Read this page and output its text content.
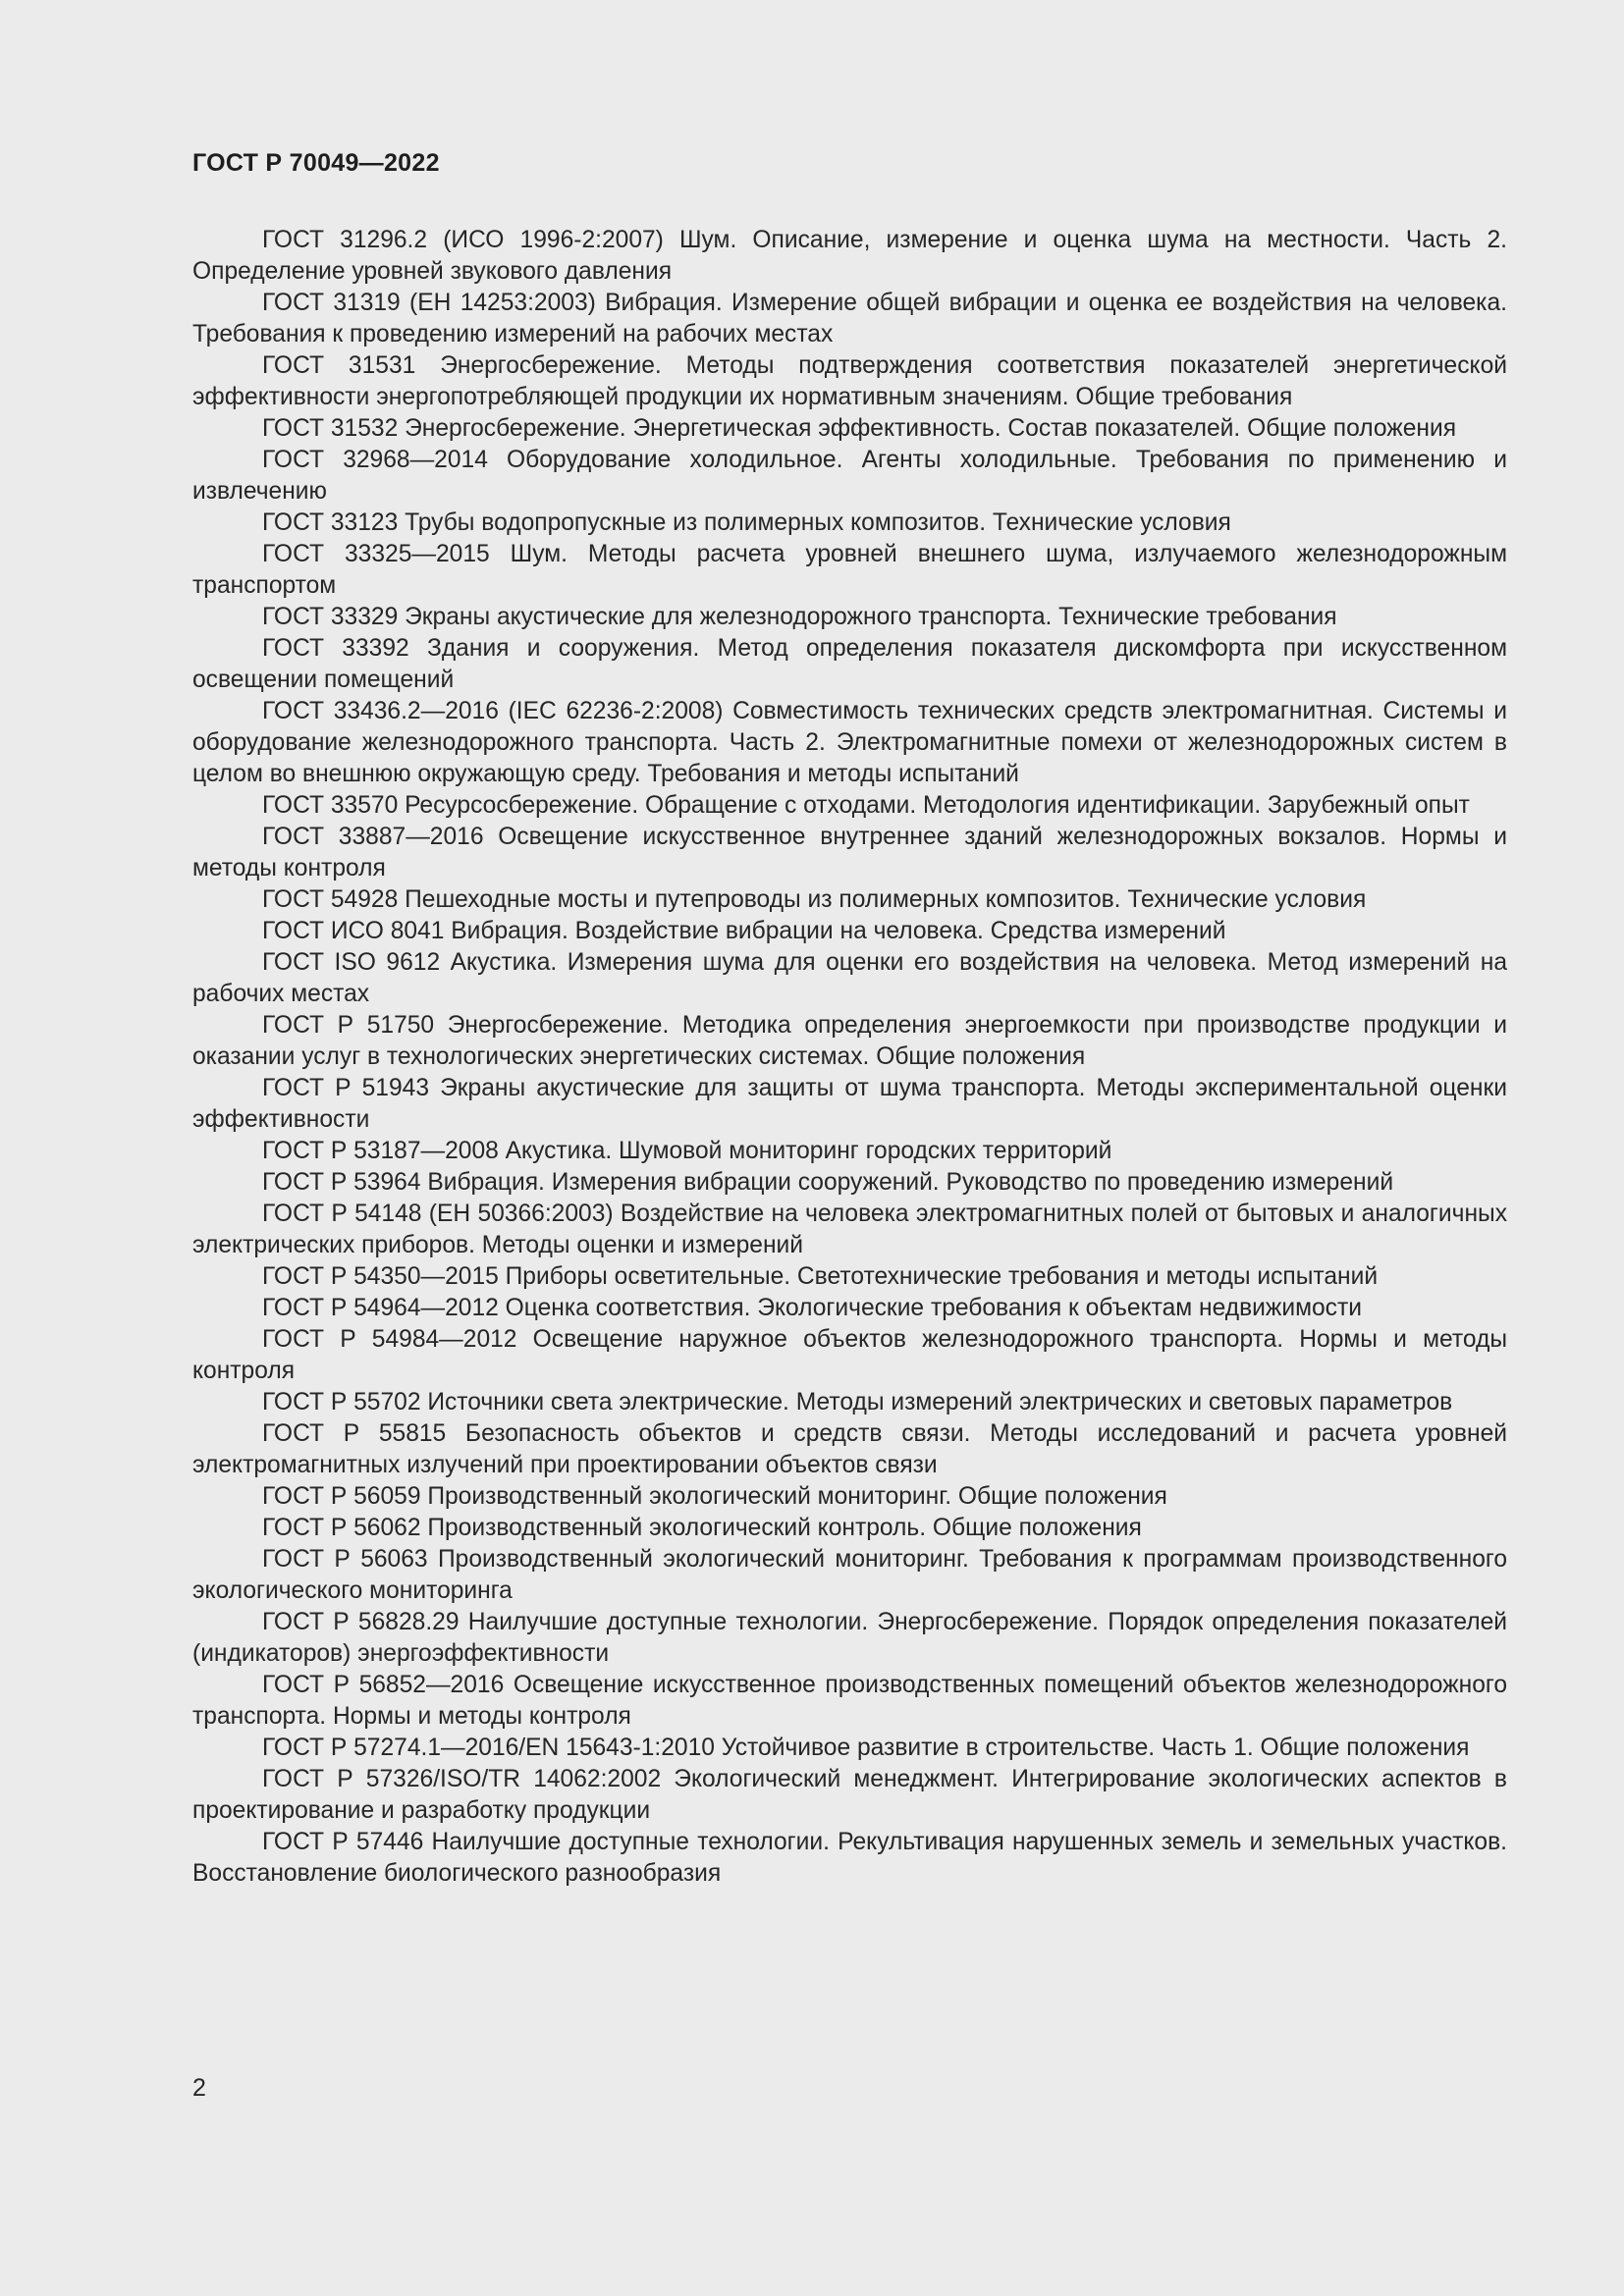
ГОСТ Р 70049—2022

ГОСТ 31296.2 (ИСО 1996-2:2007) Шум. Описание, измерение и оценка шума на местности. Часть 2. Определение уровней звукового давления

ГОСТ 31319 (ЕН 14253:2003) Вибрация. Измерение общей вибрации и оценка ее воздействия на человека. Требования к проведению измерений на рабочих местах

ГОСТ 31531 Энергосбережение. Методы подтверждения соответствия показателей энергетической эффективности энергопотребляющей продукции их нормативным значениям. Общие требования

ГОСТ 31532 Энергосбережение. Энергетическая эффективность. Состав показателей. Общие положения

ГОСТ 32968—2014 Оборудование холодильное. Агенты холодильные. Требования по применению и извлечению

ГОСТ 33123 Трубы водопропускные из полимерных композитов. Технические условия

ГОСТ 33325—2015 Шум. Методы расчета уровней внешнего шума, излучаемого железнодорожным транспортом

ГОСТ 33329 Экраны акустические для железнодорожного транспорта. Технические требования

ГОСТ 33392 Здания и сооружения. Метод определения показателя дискомфорта при искусственном освещении помещений

ГОСТ 33436.2—2016 (IEC 62236-2:2008) Совместимость технических средств электромагнитная. Системы и оборудование железнодорожного транспорта. Часть 2. Электромагнитные помехи от железнодорожных систем в целом во внешнюю окружающую среду. Требования и методы испытаний

ГОСТ 33570 Ресурсосбережение. Обращение с отходами. Методология идентификации. Зарубежный опыт

ГОСТ 33887—2016 Освещение искусственное внутреннее зданий железнодорожных вокзалов. Нормы и методы контроля

ГОСТ 54928 Пешеходные мосты и путепроводы из полимерных композитов. Технические условия

ГОСТ ИСО 8041 Вибрация. Воздействие вибрации на человека. Средства измерений

ГОСТ ISO 9612 Акустика. Измерения шума для оценки его воздействия на человека. Метод измерений на рабочих местах

ГОСТ Р 51750 Энергосбережение. Методика определения энергоемкости при производстве продукции и оказании услуг в технологических энергетических системах. Общие положения

ГОСТ Р 51943 Экраны акустические для защиты от шума транспорта. Методы экспериментальной оценки эффективности

ГОСТ Р 53187—2008 Акустика. Шумовой мониторинг городских территорий

ГОСТ Р 53964 Вибрация. Измерения вибрации сооружений. Руководство по проведению измерений

ГОСТ Р 54148 (ЕН 50366:2003) Воздействие на человека электромагнитных полей от бытовых и аналогичных электрических приборов. Методы оценки и измерений

ГОСТ Р 54350—2015 Приборы осветительные. Светотехнические требования и методы испытаний

ГОСТ Р 54964—2012 Оценка соответствия. Экологические требования к объектам недвижимости

ГОСТ Р 54984—2012 Освещение наружное объектов железнодорожного транспорта. Нормы и методы контроля

ГОСТ Р 55702 Источники света электрические. Методы измерений электрических и световых параметров

ГОСТ Р 55815 Безопасность объектов и средств связи. Методы исследований и расчета уровней электромагнитных излучений при проектировании объектов связи

ГОСТ Р 56059 Производственный экологический мониторинг. Общие положения

ГОСТ Р 56062 Производственный экологический контроль. Общие положения

ГОСТ Р 56063 Производственный экологический мониторинг. Требования к программам производственного экологического мониторинга

ГОСТ Р 56828.29 Наилучшие доступные технологии. Энергосбережение. Порядок определения показателей (индикаторов) энергоэффективности

ГОСТ Р 56852—2016 Освещение искусственное производственных помещений объектов железнодорожного транспорта. Нормы и методы контроля

ГОСТ Р 57274.1—2016/EN 15643-1:2010 Устойчивое развитие в строительстве. Часть 1. Общие положения

ГОСТ Р 57326/ISO/TR 14062:2002 Экологический менеджмент. Интегрирование экологических аспектов в проектирование и разработку продукции

ГОСТ Р 57446 Наилучшие доступные технологии. Рекультивация нарушенных земель и земельных участков. Восстановление биологического разнообразия

2
